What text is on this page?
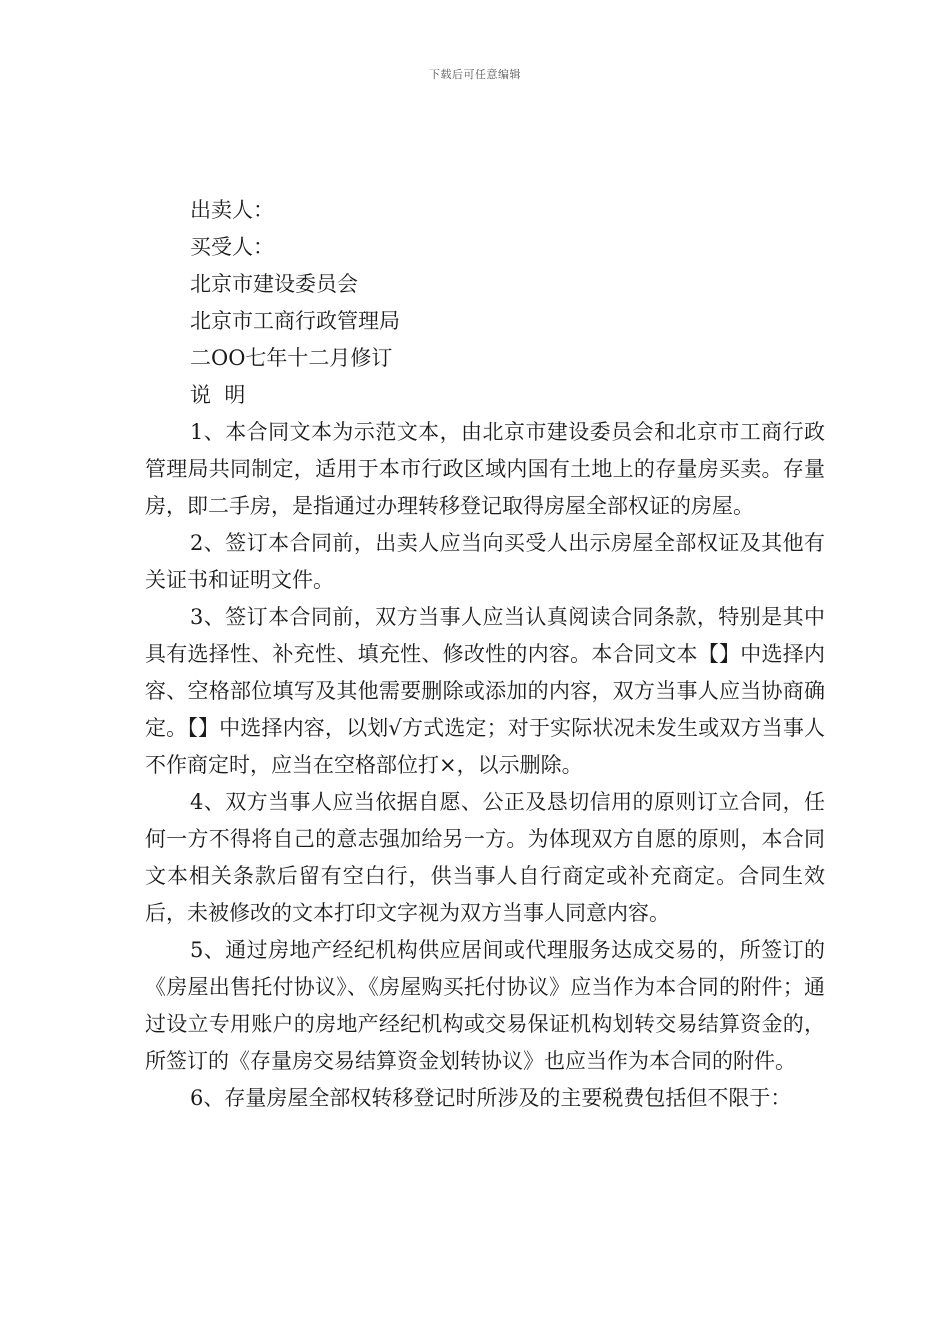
下载后可任意编辑

出卖人：

买受人：

北京市建设委员会

北京市工商行政管理局

二OO七年十二月修订

说  明

1、本合同文本为示范文本，由北京市建设委员会和北京市工商行政管理局共同制定，适用于本市行政区域内国有土地上的存量房买卖。存量房，即二手房，是指通过办理转移登记取得房屋全部权证的房屋。

2、签订本合同前，出卖人应当向买受人出示房屋全部权证及其他有关证书和证明文件。

3、签订本合同前，双方当事人应当认真阅读合同条款，特别是其中具有选择性、补充性、填充性、修改性的内容。本合同文本【】中选择内容、空格部位填写及其他需要删除或添加的内容，双方当事人应当协商确定。【】中选择内容，以划√方式选定；对于实际状况未发生或双方当事人不作商定时，应当在空格部位打×，以示删除。

4、双方当事人应当依据自愿、公正及恳切信用的原则订立合同，任何一方不得将自己的意志强加给另一方。为体现双方自愿的原则，本合同文本相关条款后留有空白行，供当事人自行商定或补充商定。合同生效后，未被修改的文本打印文字视为双方当事人同意内容。

5、通过房地产经纪机构供应居间或代理服务达成交易的，所签订的《房屋出售托付协议》、《房屋购买托付协议》应当作为本合同的附件；通过设立专用账户的房地产经纪机构或交易保证机构划转交易结算资金的，所签订的《存量房交易结算资金划转协议》也应当作为本合同的附件。

6、存量房屋全部权转移登记时所涉及的主要税费包括但不限于：
